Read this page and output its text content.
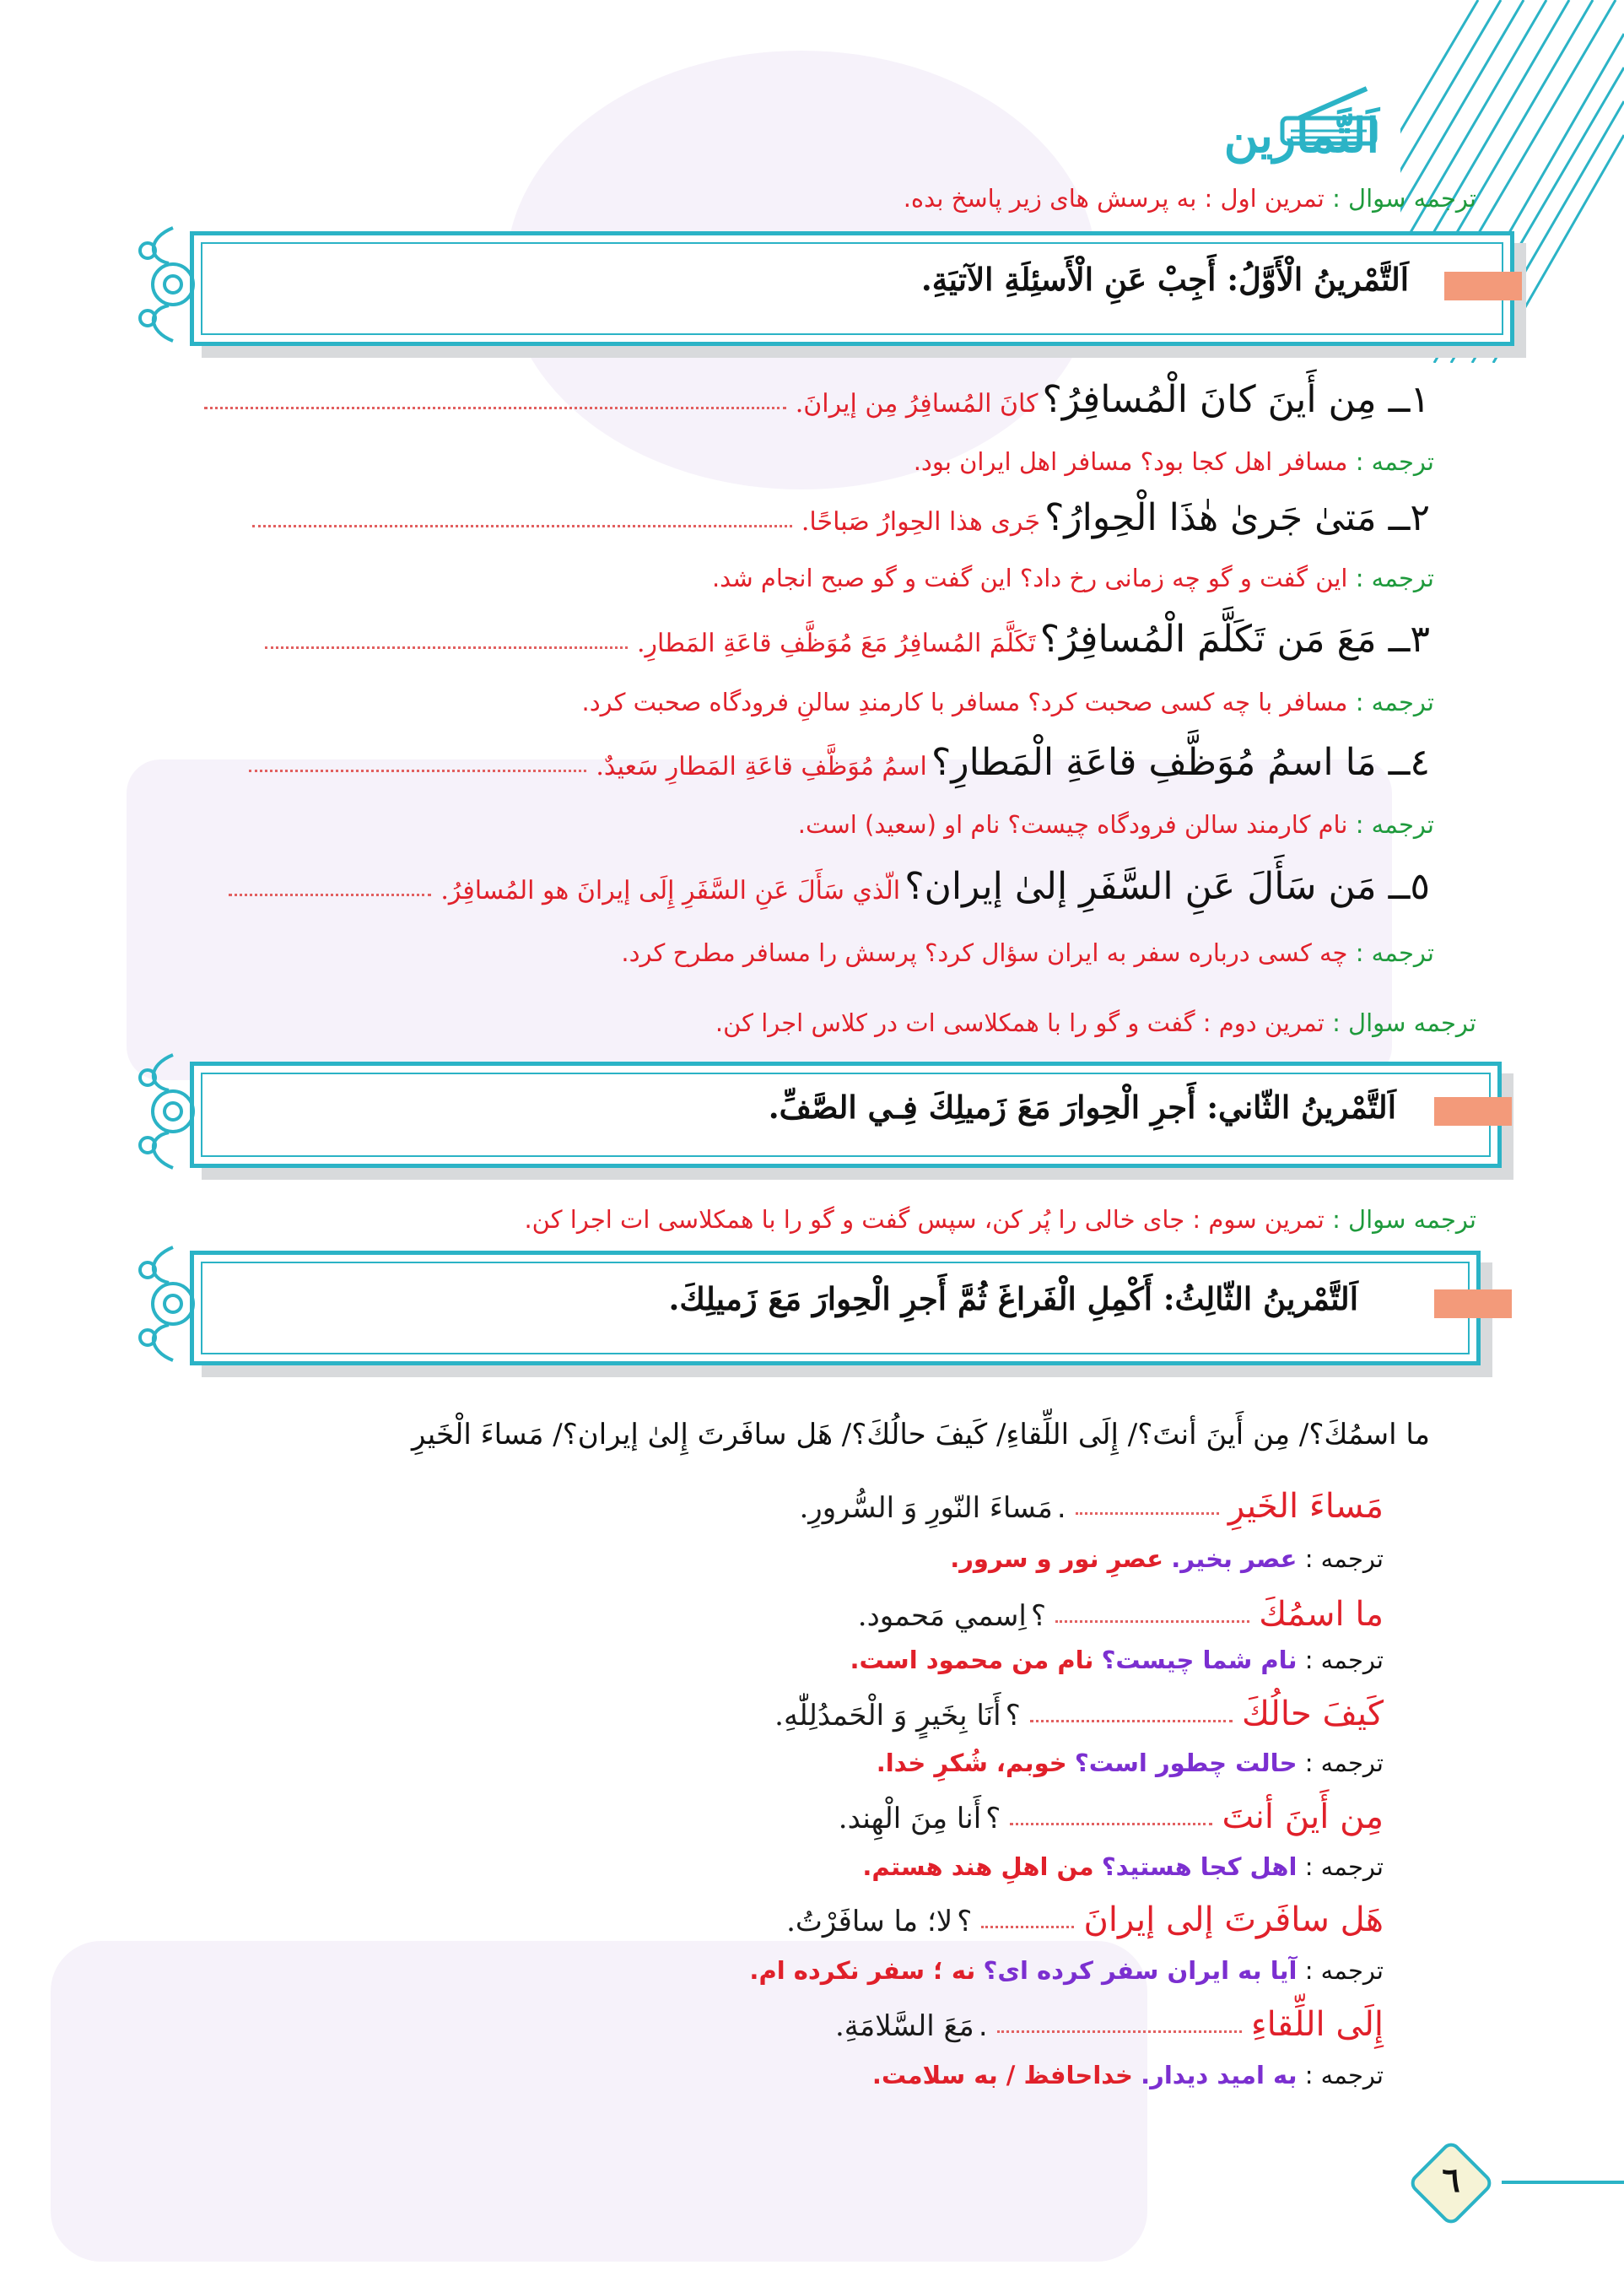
اَلتَّمارين
ترجمه سوال : تمرین اول : به پرسش های زیر پاسخ بده.
اَلتَّمْرينُ الْأَوَّلُ: أَجِبْ عَنِ الْأَسئِلَةِ الآتيَةِ.
١ــ مِن أَينَ كانَ الْمُسافِرُ؟ كانَ المُسافِرُ مِن إيرانَ.
ترجمه : مسافر اهل کجا بود؟ مسافر اهل ایران بود.
٢ــ مَتىٰ جَرىٰ هٰذَا الْحِوارُ؟ جَرى هذا الحِوارُ صَباحًا.
ترجمه : این گفت و گو چه زمانی رخ داد؟ این گفت و گو صبح انجام شد.
٣ــ مَعَ مَن تَكَلَّمَ الْمُسافِرُ؟ تَكَلَّمَ المُسافِرُ مَعَ مُوَظَّفِ قاعَةِ المَطارِ.
ترجمه : مسافر با چه کسی صحبت کرد؟ مسافر با کارمندِ سالنِ فرودگاه صحبت کرد.
٤ــ مَا اسمُ مُوَظَّفِ قاعَةِ الْمَطارِ؟ اسمُ مُوَظَّفِ قاعَةِ المَطارِ سَعيدٌ.
ترجمه : نام کارمند سالن فرودگاه چیست؟ نام او (سعید) است.
٥ــ مَن سَأَلَ عَنِ السَّفَرِ إلىٰ إيران؟ الّذي سَأَلَ عَنِ السَّفَرِ إِلَى إيرانَ هو المُسافِرُ.
ترجمه : چه کسی درباره سفر به ایران سؤال کرد؟ پرسش را مسافر مطرح کرد.
ترجمه سوال : تمرین دوم : گفت و گو را با همکلاسی ات در کلاس اجرا کن.
اَلتَّمْرينُ الثّاني: أَجرِ الْحِوارَ مَعَ زَميلِكَ فِـي الصَّفِّ.
ترجمه سوال : تمرین سوم : جای خالی را پُر کن، سپس گفت و گو را با همکلاسی ات اجرا کن.
اَلتَّمْرينُ الثّالِثُ: أَكْمِلِ الْفَراغَ ثُمَّ أَجرِ الْحِوارَ مَعَ زَميلِكَ.
ما اسمُكَ؟/ مِن أَينَ أنتَ؟/ إِلَى اللِّقاءِ/ كَيفَ حالُكَ؟/ هَل سافَرتَ إِلىٰ إيران؟/ مَساءَ الْخَيرِ
مَساءَ الخَيرِ  . مَساءَ النّورِ وَ السُّرورِ.
ترجمه : عصر بخیر. عصرِ نور و سرور.
ما اسمُكَ  ؟ اِسمي مَحمود.
ترجمه : نام شما چیست؟ نام من محمود است.
كَيفَ حالُكَ  ؟ أَنَا بِخَيرٍ وَ الْحَمدُلِلّٰهِ.
ترجمه : حالت چطور است؟ خوبم، شُکرِ خدا.
مِن أَينَ أنتَ  ؟ أَنا مِنَ الْهِند.
ترجمه : اهل کجا هستید؟ من اهلِ هند هستم.
هَل سافَرتَ إلى إيرانَ  ؟ لا؛ ما سافَرْتُ.
ترجمه : آیا به ایران سفر کرده ای؟ نه ؛ سفر نکرده ام.
إِلَى اللِّقاءِ  . مَعَ السَّلامَةِ.
ترجمه : به امید دیدار. خداحافظ / به سلامت.
٦
